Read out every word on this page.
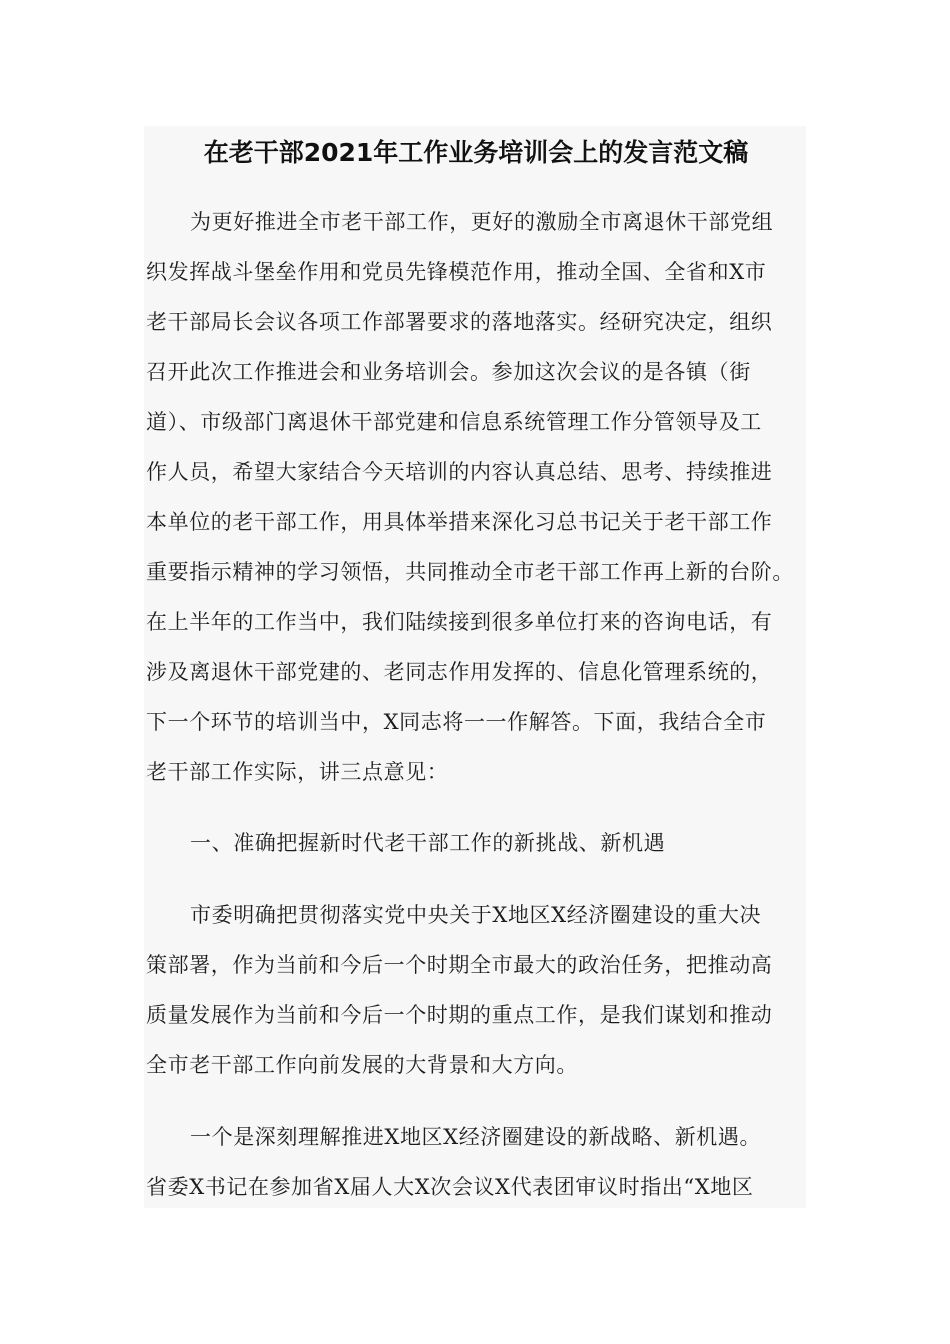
在老干部2021年工作业务培训会上的发言范文稿
为更好推进全市老干部工作，更好的激励全市离退休干部党组
织发挥战斗堡垒作用和党员先锋模范作用，推动全国、全省和X市
老干部局长会议各项工作部署要求的落地落实。经研究决定，组织
召开此次工作推进会和业务培训会。参加这次会议的是各镇（街
道）、市级部门离退休干部党建和信息系统管理工作分管领导及工
作人员，希望大家结合今天培训的内容认真总结、思考、持续推进
本单位的老干部工作，用具体举措来深化习总书记关于老干部工作
重要指示精神的学习领悟，共同推动全市老干部工作再上新的台阶。
在上半年的工作当中，我们陆续接到很多单位打来的咨询电话，有
涉及离退休干部党建的、老同志作用发挥的、信息化管理系统的，
下一个环节的培训当中，X同志将一一作解答。下面，我结合全市
老干部工作实际，讲三点意见：
一、准确把握新时代老干部工作的新挑战、新机遇
市委明确把贯彻落实党中央关于X地区X经济圈建设的重大决
策部署，作为当前和今后一个时期全市最大的政治任务，把推动高
质量发展作为当前和今后一个时期的重点工作，是我们谋划和推动
全市老干部工作向前发展的大背景和大方向。
一个是深刻理解推进X地区X经济圈建设的新战略、新机遇。
省委X书记在参加省X届人大X次会议X代表团审议时指出“X地区
